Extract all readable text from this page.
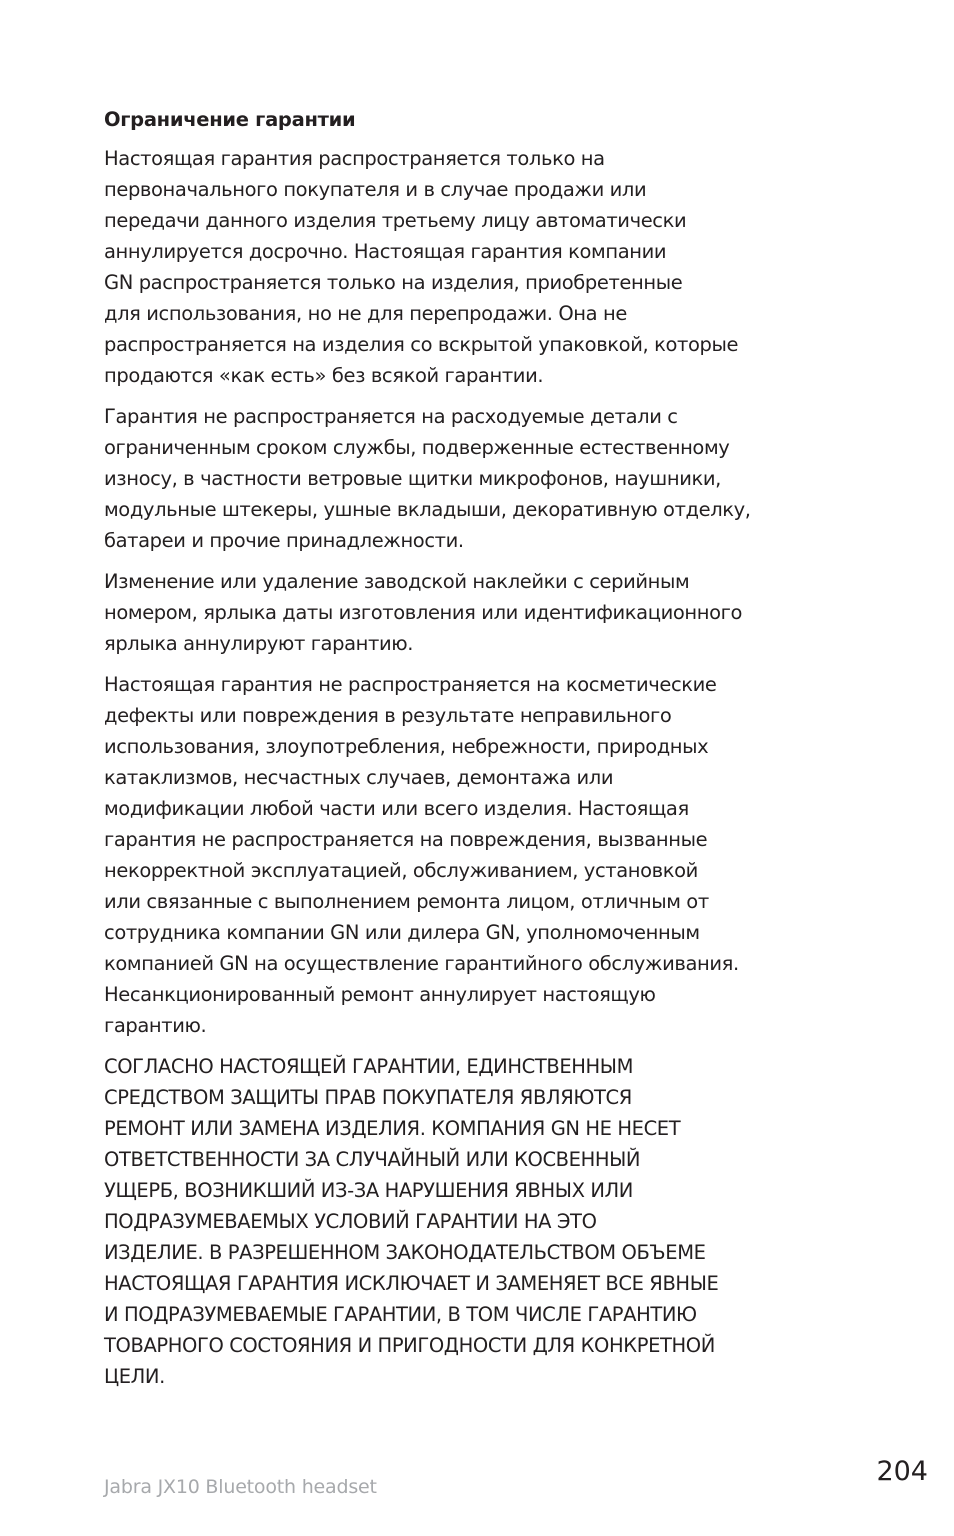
Ограничение гарантии
Настоящая гарантия распространяется только на
первоначального покупателя и в случае продажи или
передачи данного изделия третьему лицу автоматически
аннулируется досрочно. Настоящая гарантия компании
GN распространяется только на изделия, приобретенные
для использования, но не для перепродажи. Она не
распространяется на изделия со вскрытой упаковкой, которые
продаются «как есть» без всякой гарантии.
Гарантия не распространяется на расходуемые детали с
ограниченным сроком службы, подверженные естественному
износу, в частности ветровые щитки микрофонов, наушники,
модульные штекеры, ушные вкладыши, декоративную отделку,
батареи и прочие принадлежности.
Изменение или удаление заводской наклейки с серийным
номером, ярлыка даты изготовления или идентификационного
ярлыка аннулируют гарантию.
Настоящая гарантия не распространяется на косметические
дефекты или повреждения в результате неправильного
использования, злоупотребления, небрежности, природных
катаклизмов, несчастных случаев, демонтажа или
модификации любой части или всего изделия. Настоящая
гарантия не распространяется на повреждения, вызванные
некорректной эксплуатацией, обслуживанием, установкой
или связанные с выполнением ремонта лицом, отличным от
сотрудника компании GN или дилера GN, уполномоченным
компанией GN на осуществление гарантийного обслуживания.
Несанкционированный ремонт аннулирует настоящую
гарантию.
СОГЛАСНО НАСТОЯЩЕЙ ГАРАНТИИ, ЕДИНСТВЕННЫМ
СРЕДСТВОМ ЗАЩИТЫ ПРАВ ПОКУПАТЕЛЯ ЯВЛЯЮТСЯ
РЕМОНТ ИЛИ ЗАМЕНА ИЗДЕЛИЯ. КОМПАНИЯ GN НЕ НЕСЕТ
ОТВЕТСТВЕННОСТИ ЗА СЛУЧАЙНЫЙ ИЛИ КОСВЕННЫЙ
УЩЕРБ, ВОЗНИКШИЙ ИЗ-ЗА НАРУШЕНИЯ ЯВНЫХ ИЛИ
ПОДРАЗУМЕВАЕМЫХ УСЛОВИЙ ГАРАНТИИ НА ЭТО
ИЗДЕЛИЕ. В РАЗРЕШЕННОМ ЗАКОНОДАТЕЛЬСТВОМ ОБЪЕМЕ
НАСТОЯЩАЯ ГАРАНТИЯ ИСКЛЮЧАЕТ И ЗАМЕНЯЕТ ВСЕ ЯВНЫЕ
И ПОДРАЗУМЕВАЕМЫЕ ГАРАНТИИ, В ТОМ ЧИСЛЕ ГАРАНТИЮ
ТОВАРНОГО СОСТОЯНИЯ И ПРИГОДНОСТИ ДЛЯ КОНКРЕТНОЙ
ЦЕЛИ.
Jabra JX10 Bluetooth headset	204
